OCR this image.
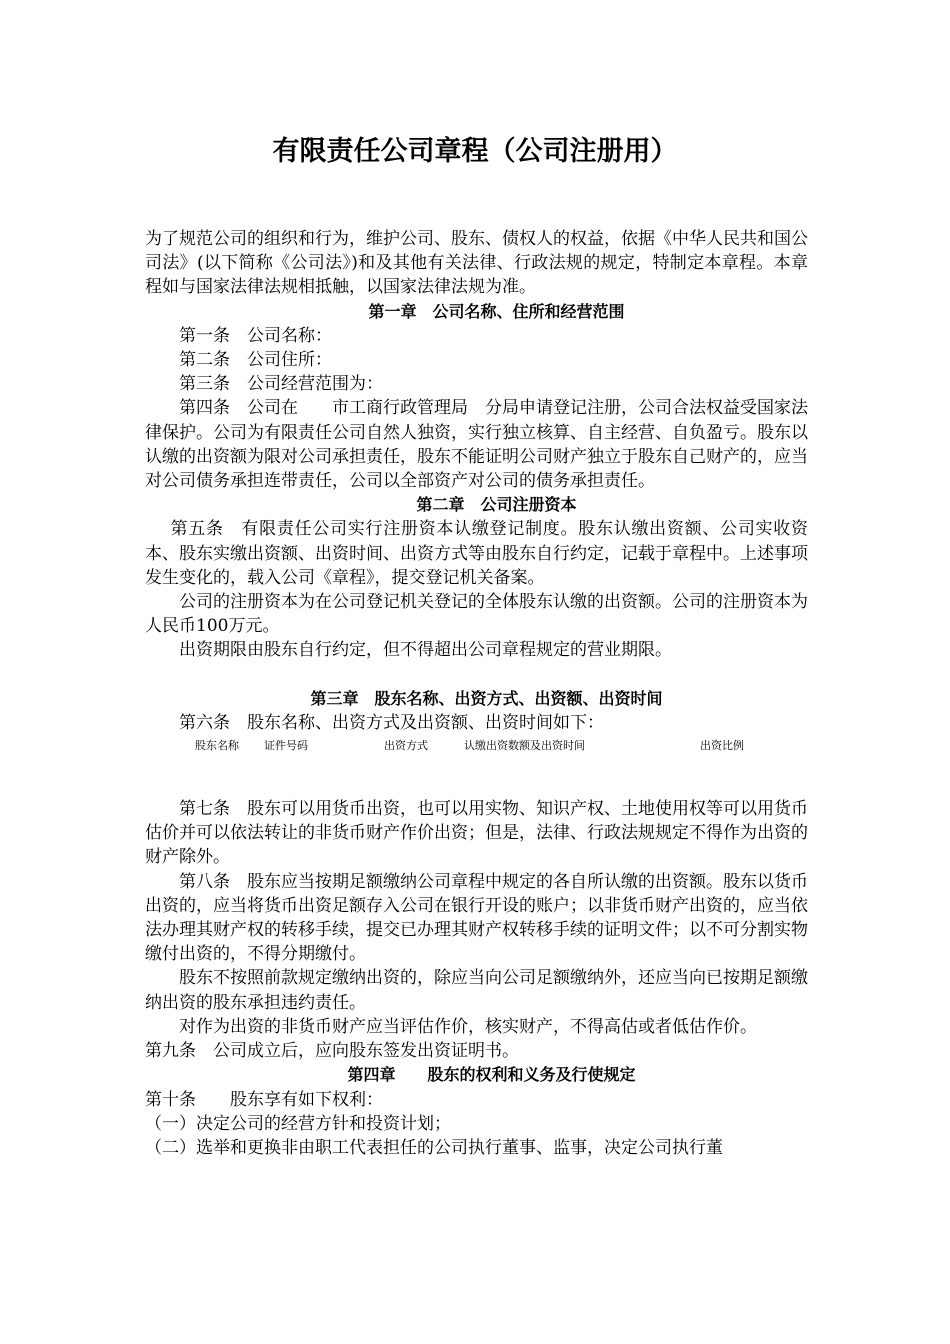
有限责任公司章程（公司注册用）

为了规范公司的组织和行为，维护公司、股东、债权人的权益，依据《中华人民共和国公司法》(以下简称《公司法》)和及其他有关法律、行政法规的规定，特制定本章程。本章程如与国家法律法规相抵触，以国家法律法规为准。

第一章　公司名称、住所和经营范围

第一条　公司名称：

第二条　公司住所：

第三条　公司经营范围为：

第四条　公司在　　市工商行政管理局　分局申请登记注册，公司合法权益受国家法律保护。公司为有限责任公司自然人独资，实行独立核算、自主经营、自负盈亏。股东以认缴的出资额为限对公司承担责任，股东不能证明公司财产独立于股东自己财产的，应当对公司债务承担连带责任，公司以全部资产对公司的债务承担责任。

第二章　公司注册资本

第五条　有限责任公司实行注册资本认缴登记制度。股东认缴出资额、公司实收资本、股东实缴出资额、出资时间、出资方式等由股东自行约定，记载于章程中。上述事项发生变化的，载入公司《章程》，提交登记机关备案。

公司的注册资本为在公司登记机关登记的全体股东认缴的出资额。公司的注册资本为人民币100万元。

出资期限由股东自行约定，但不得超出公司章程规定的营业期限。

第三章　股东名称、出资方式、出资额、出资时间

第六条　股东名称、出资方式及出资额、出资时间如下：

股东名称 证件号码	出资方式	认缴出资数额及出资时间	出资比例

第七条　股东可以用货币出资，也可以用实物、知识产权、土地使用权等可以用货币估价并可以依法转让的非货币财产作价出资；但是，法律、行政法规规定不得作为出资的财产除外。

第八条　股东应当按期足额缴纳公司章程中规定的各自所认缴的出资额。股东以货币出资的，应当将货币出资足额存入公司在银行开设的账户；以非货币财产出资的，应当依法办理其财产权的转移手续，提交已办理其财产权转移手续的证明文件；以不可分割实物缴付出资的，不得分期缴付。

股东不按照前款规定缴纳出资的，除应当向公司足额缴纳外，还应当向已按期足额缴纳出资的股东承担违约责任。

对作为出资的非货币财产应当评估作价，核实财产，不得高估或者低估作价。

第九条　公司成立后，应向股东签发出资证明书。

第四章　　股东的权利和义务及行使规定

第十条　　股东享有如下权利：

（一）决定公司的经营方针和投资计划；

（二）选举和更换非由职工代表担任的公司执行董事、监事，决定公司执行董
